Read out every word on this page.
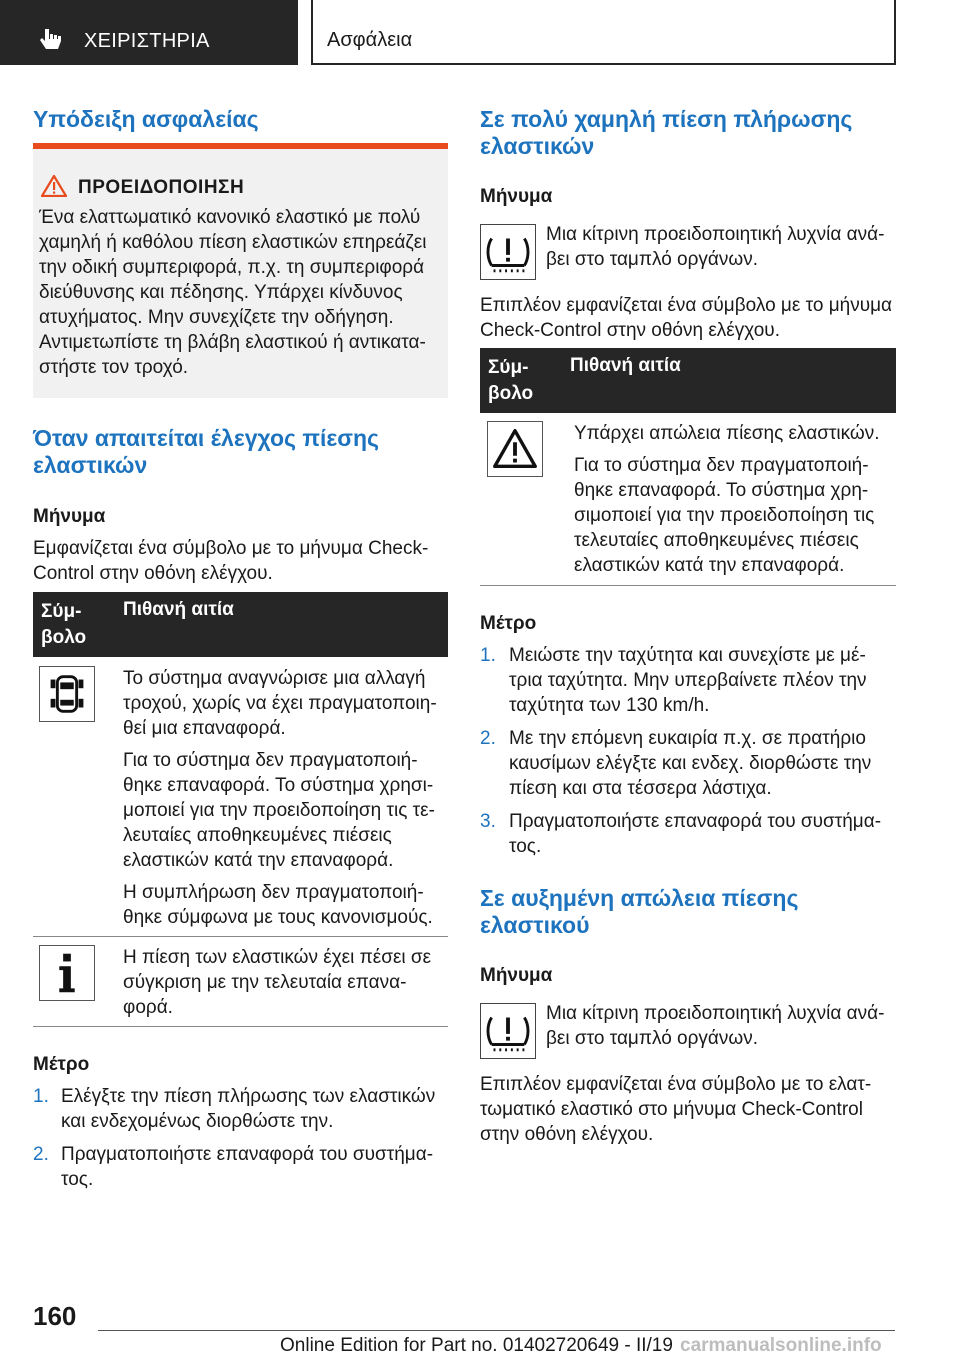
ΧΕΙΡΙΣΤΗΡΙΑ	Ασφάλεια
Υπόδειξη ασφαλείας
ΠΡΟΕΙΔΟΠΟΙΗΣΗ
Ένα ελαττωματικό κανονικό ελαστικό με πολύ
χαμηλή ή καθόλου πίεση ελαστικών επηρεάζει
την οδική συμπεριφορά, π.χ. τη συμπεριφορά
διεύθυνσης και πέδησης. Υπάρχει κίνδυνος
ατυχήματος. Μην συνεχίζετε την οδήγηση.
Αντιμετωπίστε τη βλάβη ελαστικού ή αντικατα-
στήστε τον τροχό.
Όταν απαιτείται έλεγχος πίεσης
ελαστικών
Μήνυμα
Εμφανίζεται ένα σύμβολο με το μήνυμα Check-
Control στην οθόνη ελέγχου.
Σύμ-
βολο
Πιθανή αιτία
Το σύστημα αναγνώρισε μια αλλαγή
τροχού, χωρίς να έχει πραγματοποιη-
θεί μια επαναφορά.
Για το σύστημα δεν πραγματοποιή-
θηκε επαναφορά. Το σύστημα χρησι-
μοποιεί για την προειδοποίηση τις τε-
λευταίες αποθηκευμένες πιέσεις
ελαστικών κατά την επαναφορά.
Η συμπλήρωση δεν πραγματοποιή-
θηκε σύμφωνα με τους κανονισμούς.
Η πίεση των ελαστικών έχει πέσει σε
σύγκριση με την τελευταία επανα-
φορά.
Μέτρο
1. Ελέγξτε την πίεση πλήρωσης των ελαστικών
και ενδεχομένως διορθώστε την.
2. Πραγματοποιήστε επαναφορά του συστήμα-
τος.
Σε πολύ χαμηλή πίεση πλήρωσης
ελαστικών
Μήνυμα
Μια κίτρινη προειδοποιητική λυχνία ανά-
βει στο ταμπλό οργάνων.
Επιπλέον εμφανίζεται ένα σύμβολο με το μήνυμα
Check-Control στην οθόνη ελέγχου.
Σύμ-
βολο
Πιθανή αιτία
Υπάρχει απώλεια πίεσης ελαστικών.
Για το σύστημα δεν πραγματοποιή-
θηκε επαναφορά. Το σύστημα χρη-
σιμοποιεί για την προειδοποίηση τις
τελευταίες αποθηκευμένες πιέσεις
ελαστικών κατά την επαναφορά.
Μέτρο
1. Μειώστε την ταχύτητα και συνεχίστε με μέ-
τρια ταχύτητα. Μην υπερβαίνετε πλέον την
ταχύτητα των 130 km/h.
2. Με την επόμενη ευκαιρία π.χ. σε πρατήριο
καυσίμων ελέγξτε και ενδεχ. διορθώστε την
πίεση και στα τέσσερα λάστιχα.
3. Πραγματοποιήστε επαναφορά του συστήμα-
τος.
Σε αυξημένη απώλεια πίεσης
ελαστικού
Μήνυμα
Μια κίτρινη προειδοποιητική λυχνία ανά-
βει στο ταμπλό οργάνων.
Επιπλέον εμφανίζεται ένα σύμβολο με το ελατ-
τωματικό ελαστικό στο μήνυμα Check-Control
στην οθόνη ελέγχου.
160
Online Edition for Part no. 01402720649 - II/19 carmanualsonline.info
